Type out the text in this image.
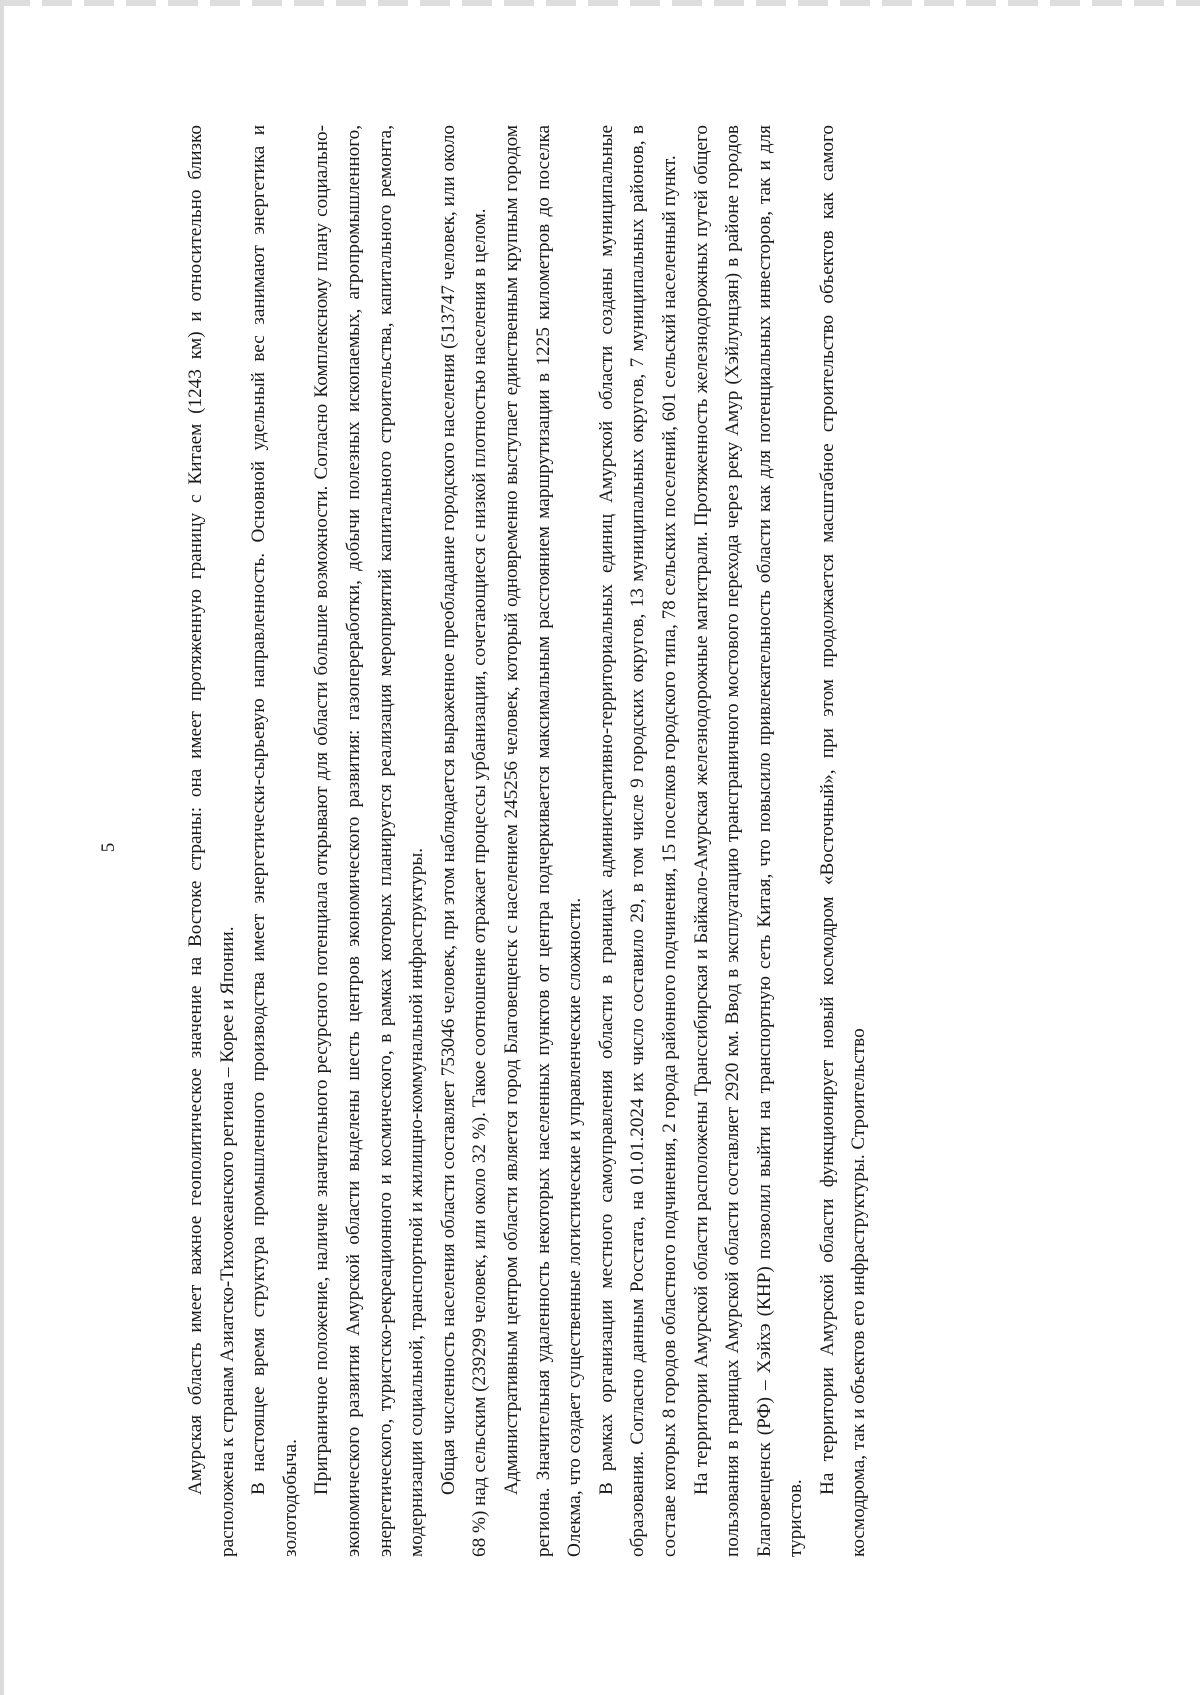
5	Амурская область имеет важное геополитическое значение на Востоке страны: она имеет протяженную границу с Китаем (1243 км) и относительно близко расположена к странам Азиатско-Тихоокеанского региона – Корее и Японии. В настоящее время структура промышленного производства имеет энергетически-сырьевую направленность. Основной удельный вес занимают энергетика и золотодобыча.

Приграничное положение, наличие значительного ресурсного потенциала открывают для области большие возможности. Согласно Комплексному плану социально-экономического развития Амурской области выделены шесть центров экономического развития: газопереработки, добычи полезных ископаемых, агропромышленного, энергетического, туристско-рекреационного и космического, в рамках которых планируется реализация мероприятий капитального строительства, капитального ремонта, модернизации социальной, транспортной и жилищно-коммунальной инфраструктуры. Общая численность населения области составляет 753046 человек, при этом наблюдается выраженное преобладание городского населения (513747 человек, или около 68 %) над сельским (239299 человек, или около 32 %). Такое соотношение отражает процессы урбанизации, сочетающиеся с низкой плотностью населения в целом. Административным центром области является город Благовещенск с населением 245256 человек, который одновременно выступает единственным крупным городом региона. Значительная удаленность некоторых населенных пунктов от центра подчеркивается максимальным расстоянием маршрутизации в 1225 километров до поселка Олекма, что создает существенные логистические и управленческие сложности. В рамках организации местного самоуправления области в границах административно-территориальных единиц Амурской области созданы муниципальные образования. Согласно данным Росстата, на 01.01.2024 их число составило 29, в том числе 9 городских округов, 13 муниципальных округов, 7 муниципальных районов, в составе которых 8 городов областного подчинения, 2 города районного подчинения, 15 поселков городского типа, 78 сельских поселений, 601 сельский населенный пункт. На территории Амурской области расположены Транссибирская и Байкало-Амурская железнодорожные магистрали. Протяженность железнодорожных путей общего пользования в границах Амурской области составляет 2920 км. Ввод в эксплуатацию трансграничного мостового перехода через реку Амур (Хэйлунцзян) в районе городов Благовещенск (РФ) – Хэйхэ (КНР) позволил выйти на транспортную сеть Китая, что повысило привлекательность области как для потенциальных инвесторов, так и для туристов.

На территории Амурской области функционирует новый космодром «Восточный», при этом продолжается масштабное строительство объектов как самого космодрома, так и объектов его инфраструктуры. Строительство
